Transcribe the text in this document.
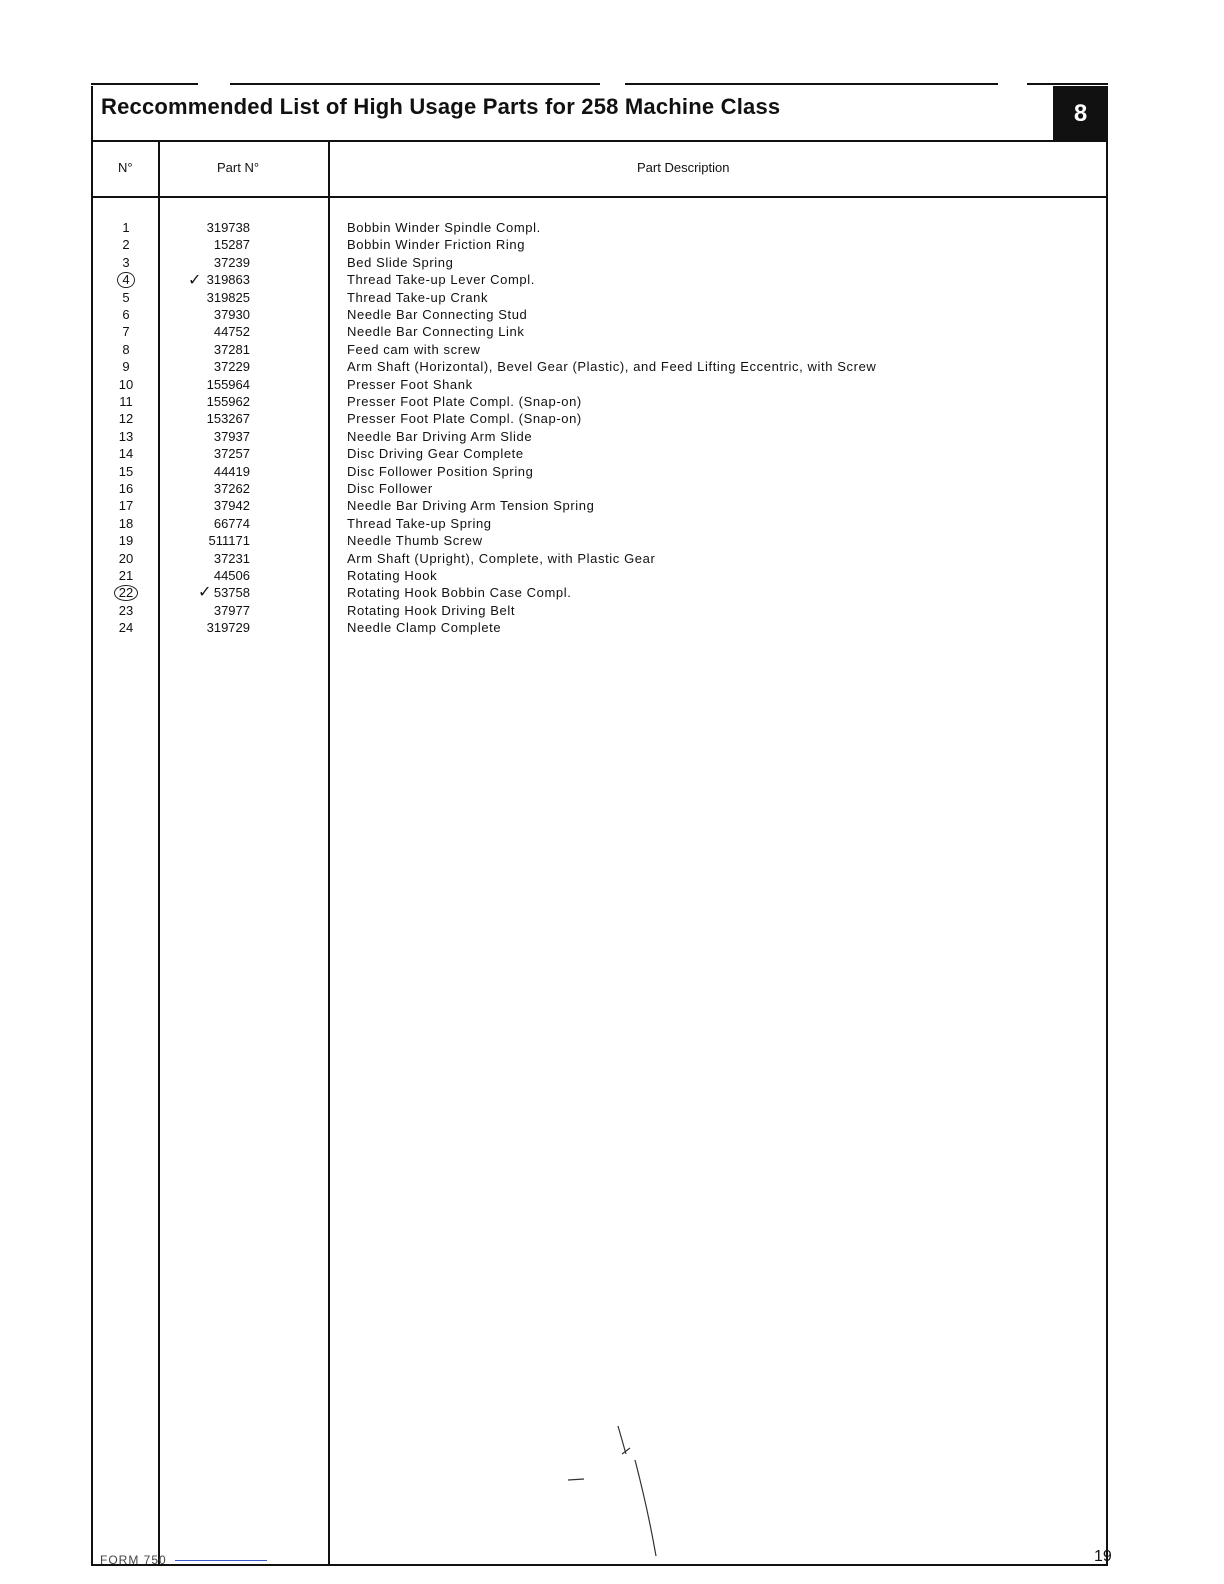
Reccommended List of High Usage Parts for 258 Machine Class	8
N°	Part N°	Part Description
1	319738	Bobbin Winder Spindle Compl.
2	15287	Bobbin Winder Friction Ring
3	37239	Bed Slide Spring
4	✓ 319863	Thread Take-up Lever Compl.
5	319825	Thread Take-up Crank
6	37930	Needle Bar Connecting Stud
7	44752	Needle Bar Connecting Link
8	37281	Feed cam with screw
9	37229	Arm Shaft (Horizontal), Bevel Gear (Plastic), and Feed Lifting Eccentric, with Screw
10	155964	Presser Foot Shank
11	155962	Presser Foot Plate Compl. (Snap-on)
12	153267	Presser Foot Plate Compl. (Snap-on)
13	37937	Needle Bar Driving Arm Slide
14	37257	Disc Driving Gear Complete
15	44419	Disc Follower Position Spring
16	37262	Disc Follower
17	37942	Needle Bar Driving Arm Tension Spring
18	66774	Thread Take-up Spring
19	511171	Needle Thumb Screw
20	37231	Arm Shaft (Upright), Complete, with Plastic Gear
21	44506	Rotating Hook
22	✓ 53758	Rotating Hook Bobbin Case Compl.
23	37977	Rotating Hook Driving Belt
24	319729	Needle Clamp Complete
FORM 750	19
